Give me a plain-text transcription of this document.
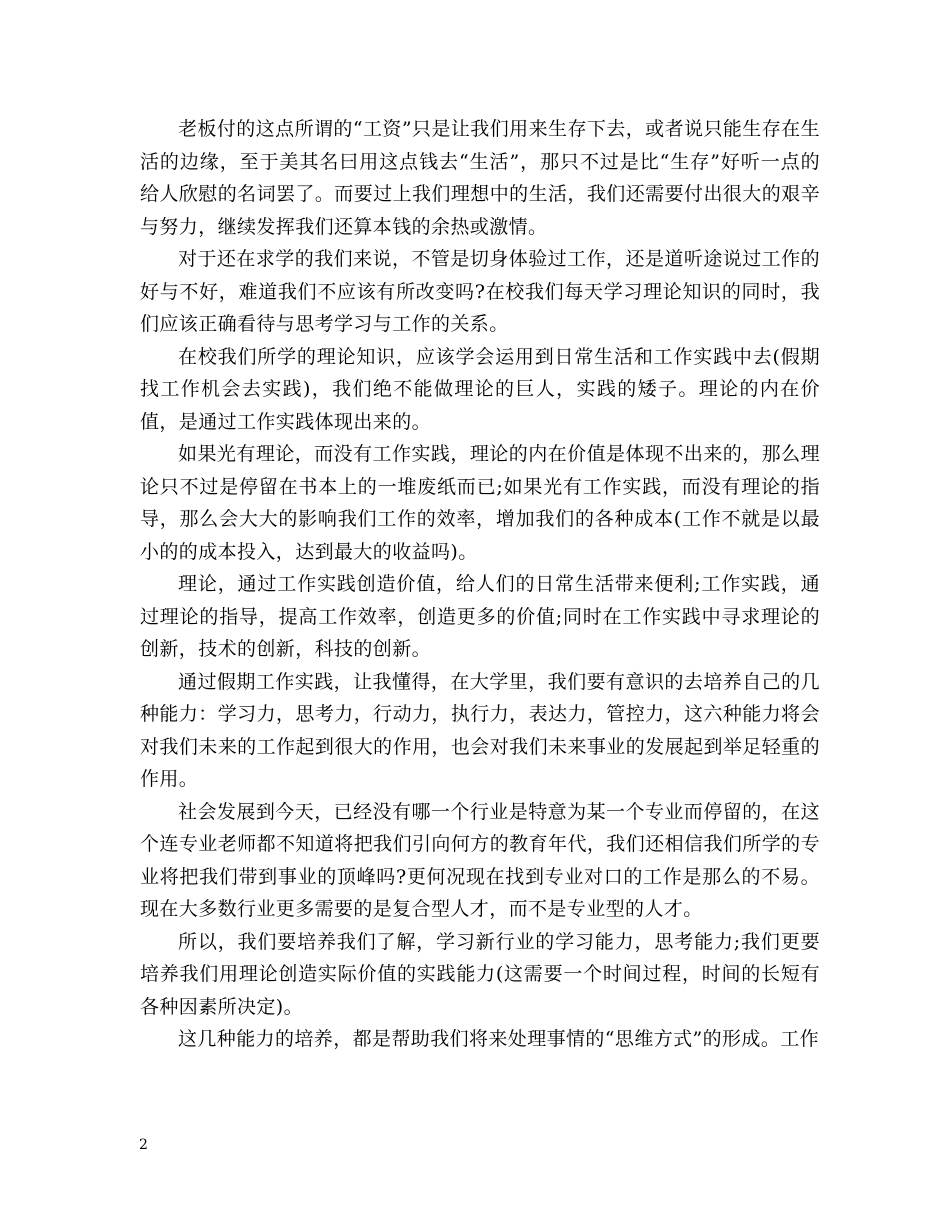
老板付的这点所谓的“工资”只是让我们用来生存下去，或者说只能生存在生活的边缘，至于美其名曰用这点钱去“生活”，那只不过是比“生存”好听一点的给人欣慰的名词罢了。而要过上我们理想中的生活，我们还需要付出很大的艰辛与努力，继续发挥我们还算本钱的余热或激情。

对于还在求学的我们来说，不管是切身体验过工作，还是道听途说过工作的好与不好，难道我们不应该有所改变吗?在校我们每天学习理论知识的同时，我们应该正确看待与思考学习与工作的关系。

在校我们所学的理论知识，应该学会运用到日常生活和工作实践中去(假期找工作机会去实践)，我们绝不能做理论的巨人，实践的矮子。理论的内在价值，是通过工作实践体现出来的。

如果光有理论，而没有工作实践，理论的内在价值是体现不出来的，那么理论只不过是停留在书本上的一堆废纸而已;如果光有工作实践，而没有理论的指导，那么会大大的影响我们工作的效率，增加我们的各种成本(工作不就是以最小的的成本投入，达到最大的收益吗)。

理论，通过工作实践创造价值，给人们的日常生活带来便利;工作实践，通过理论的指导，提高工作效率，创造更多的价值;同时在工作实践中寻求理论的创新，技术的创新，科技的创新。

通过假期工作实践，让我懂得，在大学里，我们要有意识的去培养自己的几种能力：学习力，思考力，行动力，执行力，表达力，管控力，这六种能力将会对我们未来的工作起到很大的作用，也会对我们未来事业的发展起到举足轻重的作用。

社会发展到今天，已经没有哪一个行业是特意为某一个专业而停留的，在这个连专业老师都不知道将把我们引向何方的教育年代，我们还相信我们所学的专业将把我们带到事业的顶峰吗?更何况现在找到专业对口的工作是那么的不易。现在大多数行业更多需要的是复合型人才，而不是专业型的人才。

所以，我们要培养我们了解，学习新行业的学习能力，思考能力;我们更要培养我们用理论创造实际价值的实践能力(这需要一个时间过程，时间的长短有各种因素所决定)。

这几种能力的培养，都是帮助我们将来处理事情的“思维方式”的形成。工作

2
